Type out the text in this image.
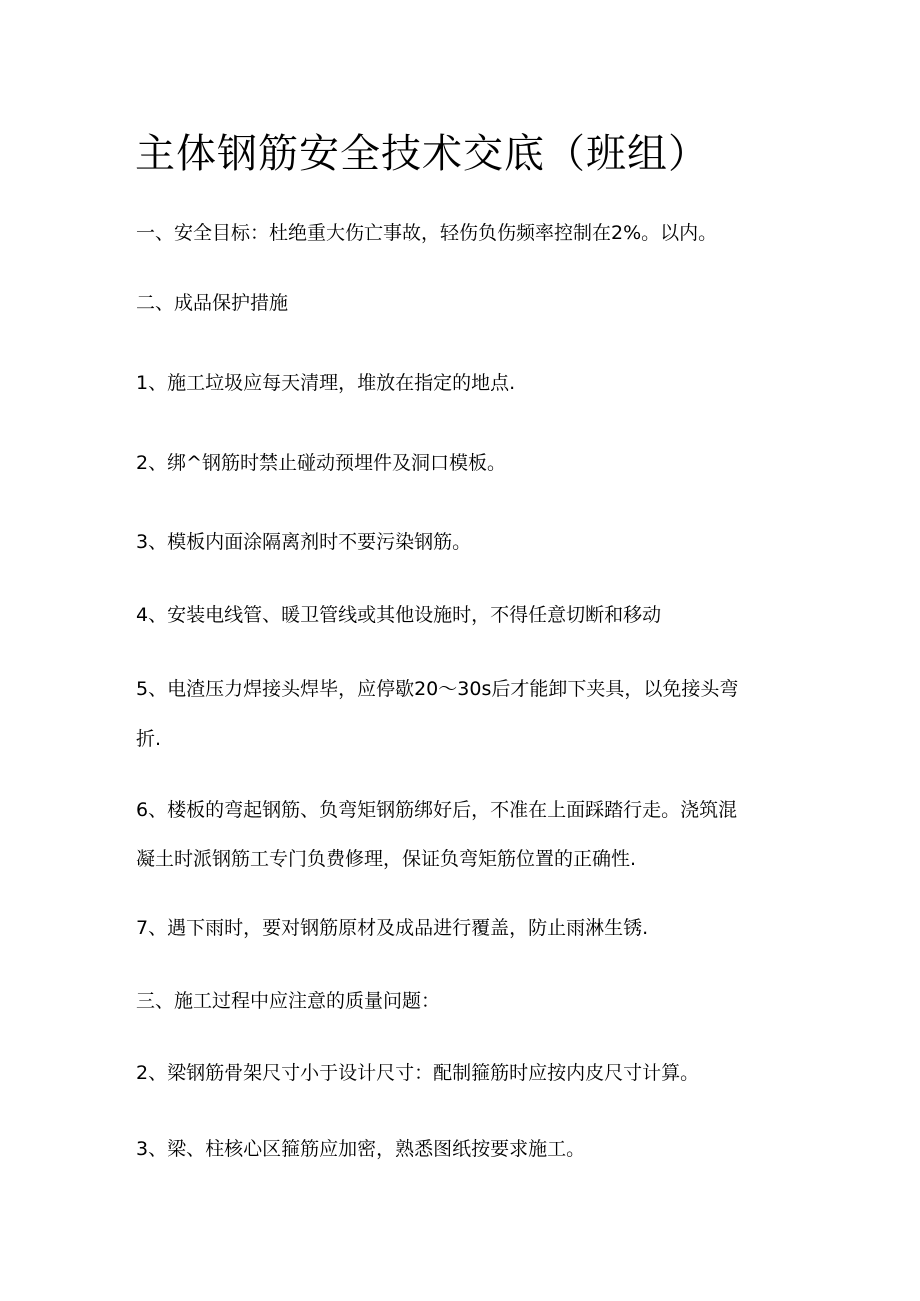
主体钢筋安全技术交底（班组）
一、安全目标：杜绝重大伤亡事故，轻伤负伤频率控制在2%。以内。
二、成品保护措施
1、施工垃圾应每天清理，堆放在指定的地点.
2、绑^钢筋时禁止碰动预埋件及洞口模板。
3、模板内面涂隔离剂时不要污染钢筋。
4、安装电线管、暖卫管线或其他设施时，不得任意切断和移动
5、电渣压力焊接头焊毕，应停歇20〜30s后才能卸下夹具，以免接头弯
折.
6、楼板的弯起钢筋、负弯矩钢筋绑好后，不准在上面踩踏行走。浇筑混
凝土时派钢筋工专门负费修理，保证负弯矩筋位置的正确性.
7、遇下雨时，要对钢筋原材及成品进行覆盖，防止雨淋生锈.
三、施工过程中应注意的质量问题：
2、梁钢筋骨架尺寸小于设计尺寸：配制箍筋时应按内皮尺寸计算。
3、梁、柱核心区箍筋应加密，熟悉图纸按要求施工。
